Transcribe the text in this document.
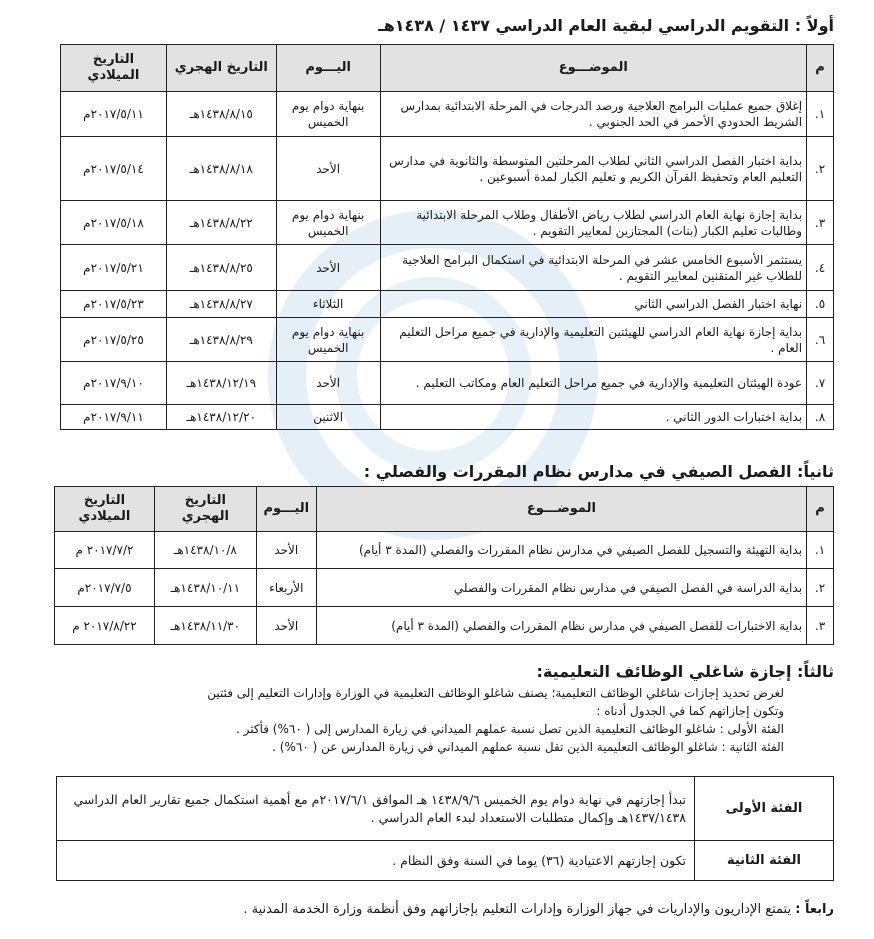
أولاً : التقويم الدراسي لبقية العام الدراسي ١٤٣٧ / ١٤٣٨هـ
م	الموضـــوع	اليـــوم	التاريخ الهجري	التاريخ الميلادي
١.	إغلاق جميع عمليات البرامج العلاجية ورصد الدرجات في المرحلة الابتدائية بمدارس الشريط الحدودي الأحمر في الحد الجنوبي .	بنهاية دوام يوم الخميس	١٤٣٨/٨/١٥هـ	٢٠١٧/٥/١١م
٢.	بداية اختبار الفصل الدراسي الثاني لطلاب المرحلتين المتوسطة والثانوية في مدارس التعليم العام وتحفيظ القرآن الكريم و تعليم الكبار لمدة أسبوعين .	الأحد	١٤٣٨/٨/١٨هـ	٢٠١٧/٥/١٤م
٣.	بداية إجازة نهاية العام الدراسي لطلاب رياض الأطفال وطلاب المرحلة الابتدائية وطالبات تعليم الكبار (بنات) المجتازين لمعايير التقويم .	بنهاية دوام يوم الخميس	١٤٣٨/٨/٢٢هـ	٢٠١٧/٥/١٨م
٤.	يستثمر الأسبوع الخامس عشر في المرحلة الابتدائية في استكمال البرامج العلاجية للطلاب غير المتقنين لمعايير التقويم .	الأحد	١٤٣٨/٨/٢٥هـ	٢٠١٧/٥/٢١م
٥.	نهاية اختبار الفصل الدراسي الثاني	الثلاثاء	١٤٣٨/٨/٢٧هـ	٢٠١٧/٥/٢٣م
٦.	بداية إجازة نهاية العام الدراسي للهيئتين التعليمية والإدارية في جميع مراحل التعليم العام .	بنهاية دوام يوم الخميس	١٤٣٨/٨/٢٩هـ	٢٠١٧/٥/٢٥م
٧.	عودة الهيئتان التعليمية والإدارية في جميع مراحل التعليم العام ومكاتب التعليم .	الأحد	١٤٣٨/١٢/١٩هـ	٢٠١٧/٩/١٠م
٨.	بداية اختبارات الدور الثاني .	الاثنين	١٤٣٨/١٢/٢٠هـ	٢٠١٧/٩/١١م
ثانياً: الفصل الصيفي في مدارس نظام المقررات والفصلي :
م	الموضـــوع	اليـــوم	التاريخ الهجري	التاريخ الميلادي
١.	بداية التهيئة والتسجيل للفصل الصيفي في مدارس نظام المقررات والفصلي (المدة ٣ أيام)	الأحد	١٤٣٨/١٠/٨هـ	٢٠١٧/٧/٢ م
٢.	بداية الدراسة في الفصل الصيفي في مدارس نظام المقررات والفصلي	الأربعاء	١٤٣٨/١٠/١١هـ	٢٠١٧/٧/٥م
٣.	بداية الاختبارات للفصل الصيفي في مدارس نظام المقررات والفصلي (المدة ٣ أيام)	الأحد	١٤٣٨/١١/٣٠هـ	٢٠١٧/٨/٢٢ م
ثالثاً: إجازة شاغلي الوظائف التعليمية:
لغرض تحديد إجازات شاغلي الوظائف التعليمية؛ يصنف شاغلو الوظائف التعليمية في الوزارة وإدارات التعليم إلى فئتين
وتكون إجازاتهم كما في الجدول أدناه :
الفئة الأولى : شاغلو الوظائف التعليمية الذين تصل نسبة عملهم الميداني في زيارة المدارس إلى ( ٦٠%) فأكثر .
الفئة الثانية : شاغلو الوظائف التعليمية الذين تقل نسبة عملهم الميداني في زيارة المدارس عن ( ٦٠%) .
الفئة الأولى	تبدأ إجازتهم في نهاية دوام يوم الخميس ١٤٣٨/٩/٦ هـ الموافق ٢٠١٧/٦/١م مع أهمية استكمال جميع تقارير العام الدراسي ١٤٣٧/١٤٣٨هـ وإكمال متطلبات الاستعداد لبدء العام الدراسي .
الفئة الثانية	تكون إجازتهم الاعتيادية (٣٦) يوما في السنة وفق النظام .
رابعاً : يتمتع الإداريون والإداريات في جهاز الوزارة وإدارات التعليم بإجازاتهم وفق أنظمة وزارة الخدمة المدنية .
